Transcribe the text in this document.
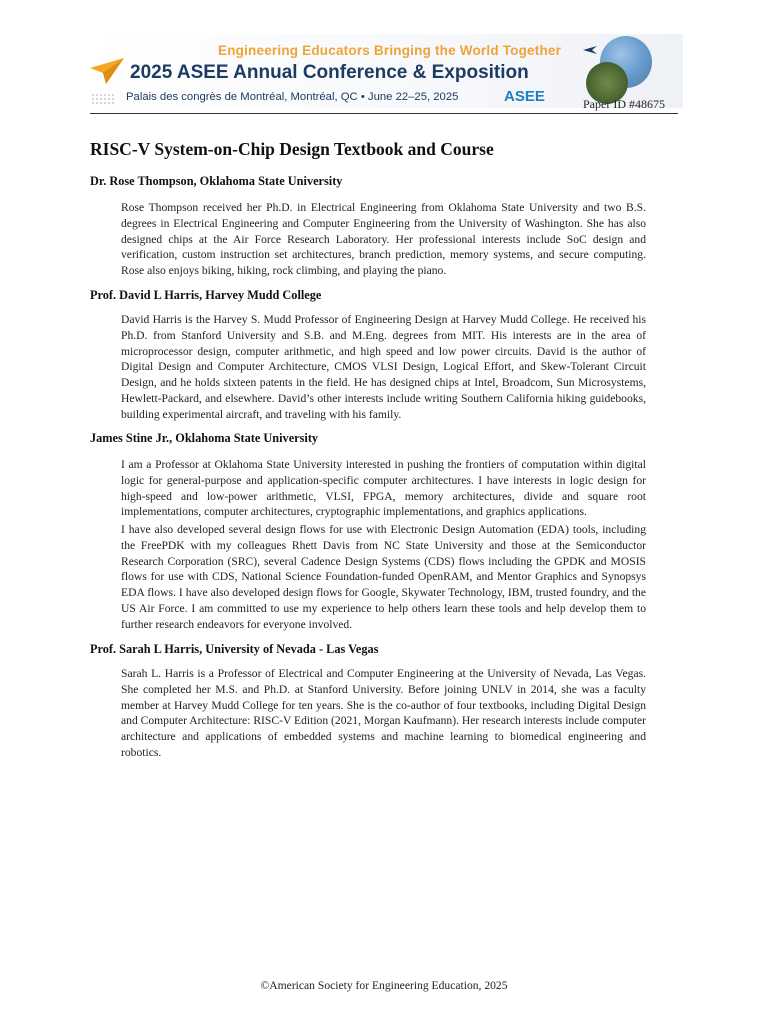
Engineering Educators Bringing the World Together
2025 ASEE Annual Conference & Exposition
Palais des congrès de Montréal, Montréal, QC • June 22–25, 2025	ASEE	Paper ID #48675
RISC-V System-on-Chip Design Textbook and Course
Dr. Rose Thompson, Oklahoma State University

Rose Thompson received her Ph.D. in Electrical Engineering from Oklahoma State University and two B.S. degrees in Electrical Engineering and Computer Engineering from the University of Washington. She has also designed chips at the Air Force Research Laboratory. Her professional interests include SoC design and verification, custom instruction set architectures, branch prediction, memory systems, and secure computing. Rose also enjoys biking, hiking, rock climbing, and playing the piano.

Prof. David L Harris, Harvey Mudd College

David Harris is the Harvey S. Mudd Professor of Engineering Design at Harvey Mudd College. He received his Ph.D. from Stanford University and S.B. and M.Eng. degrees from MIT. His interests are in the area of microprocessor design, computer arithmetic, and high speed and low power circuits. David is the author of Digital Design and Computer Architecture, CMOS VLSI Design, Logical Effort, and Skew-Tolerant Circuit Design, and he holds sixteen patents in the field. He has designed chips at Intel, Broadcom, Sun Microsystems, Hewlett-Packard, and elsewhere. David’s other interests include writing Southern California hiking guidebooks, building experimental aircraft, and traveling with his family.

James Stine Jr., Oklahoma State University

I am a Professor at Oklahoma State University interested in pushing the frontiers of computation within digital logic for general-purpose and application-specific computer architectures. I have interests in logic design for high-speed and low-power arithmetic, VLSI, FPGA, memory architectures, divide and square root implementations, computer architectures, cryptographic implementations, and graphics applications.

I have also developed several design flows for use with Electronic Design Automation (EDA) tools, including the FreePDK with my colleagues Rhett Davis from NC State University and those at the Semiconductor Research Corporation (SRC), several Cadence Design Systems (CDS) flows including the GPDK and MOSIS flows for use with CDS, National Science Foundation-funded OpenRAM, and Mentor Graphics and Synopsys EDA flows. I have also developed design flows for Google, Skywater Technology, IBM, trusted foundry, and the US Air Force. I am committed to use my experience to help others learn these tools and help develop them to further research endeavors for everyone involved.

Prof. Sarah L Harris, University of Nevada - Las Vegas

Sarah L. Harris is a Professor of Electrical and Computer Engineering at the University of Nevada, Las Vegas. She completed her M.S. and Ph.D. at Stanford University. Before joining UNLV in 2014, she was a faculty member at Harvey Mudd College for ten years. She is the co-author of four textbooks, including Digital Design and Computer Architecture: RISC-V Edition (2021, Morgan Kaufmann). Her research interests include computer architecture and applications of embedded systems and machine learning to biomedical engineering and robotics.

©American Society for Engineering Education, 2025
